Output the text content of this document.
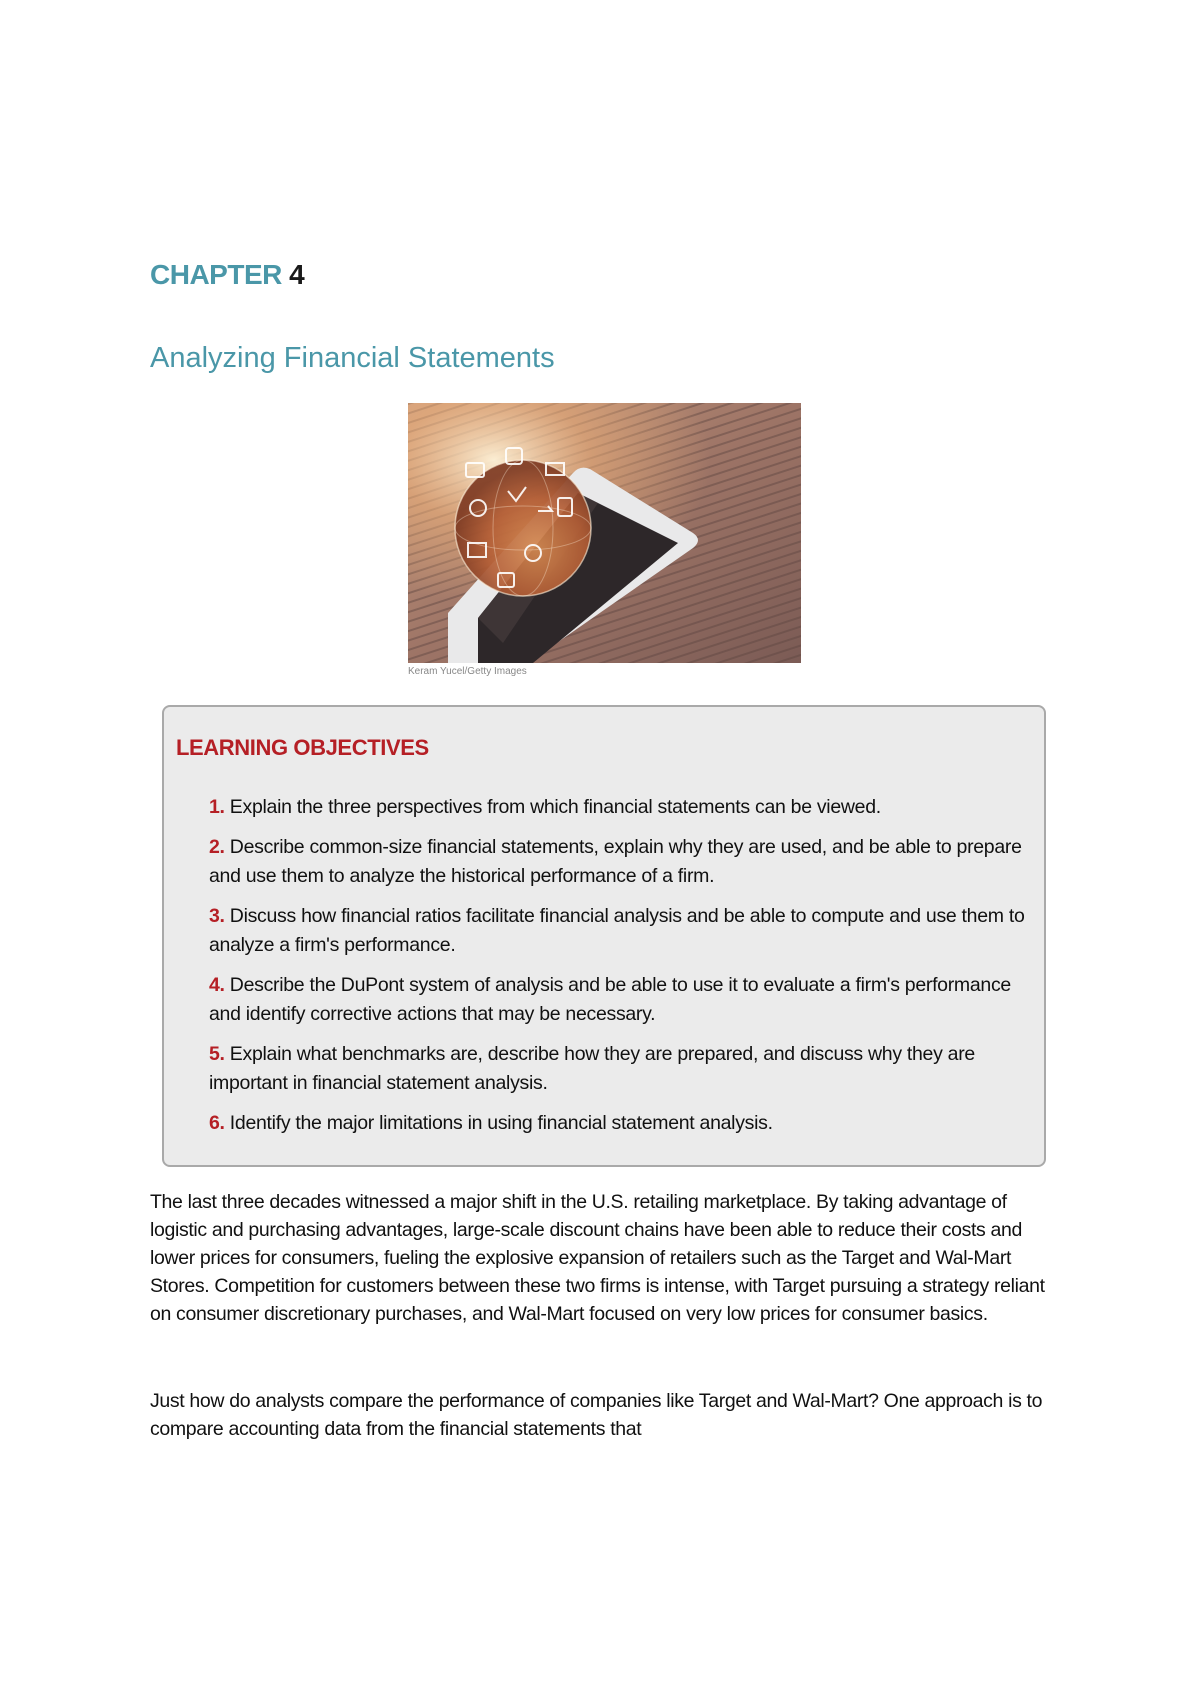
CHAPTER 4
Analyzing Financial Statements
Keram Yucel/Getty Images
LEARNING OBJECTIVES
1. Explain the three perspectives from which financial statements can be viewed.
2. Describe common-size financial statements, explain why they are used, and be able to prepare and use them to analyze the historical performance of a firm.
3. Discuss how financial ratios facilitate financial analysis and be able to compute and use them to analyze a firm's performance.
4. Describe the DuPont system of analysis and be able to use it to evaluate a firm's performance and identify corrective actions that may be necessary.
5. Explain what benchmarks are, describe how they are prepared, and discuss why they are important in financial statement analysis.
6. Identify the major limitations in using financial statement analysis.

The last three decades witnessed a major shift in the U.S. retailing marketplace. By taking advantage of logistic and purchasing advantages, large-scale discount chains have been able to reduce their costs and lower prices for consumers, fueling the explosive expansion of retailers such as the Target and Wal-Mart Stores. Competition for customers between these two firms is intense, with Target pursuing a strategy reliant on consumer discretionary purchases, and Wal-Mart focused on very low prices for consumer basics.

Just how do analysts compare the performance of companies like Target and Wal-Mart? One approach is to compare accounting data from the financial statements that
